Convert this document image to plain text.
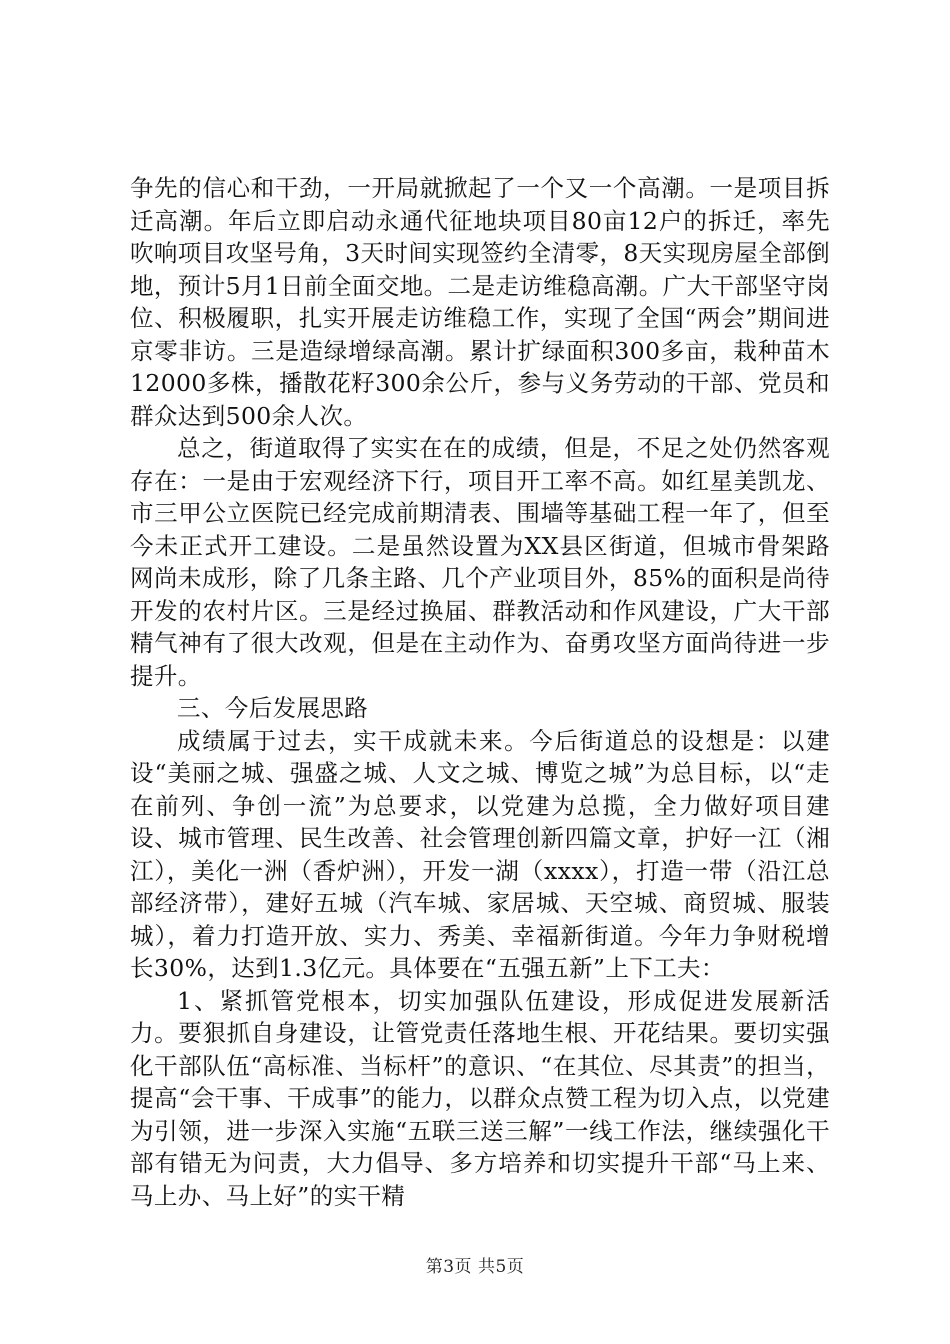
争先的信心和干劲，一开局就掀起了一个又一个高潮。一是项目拆迁高潮。年后立即启动永通代征地块项目80亩12户的拆迁，率先吹响项目攻坚号角，3天时间实现签约全清零，8天实现房屋全部倒地，预计5月1日前全面交地。二是走访维稳高潮。广大干部坚守岗位、积极履职，扎实开展走访维稳工作，实现了全国“两会”期间进京零非访。三是造绿增绿高潮。累计扩绿面积300多亩，栽种苗木12000多株，播散花籽300余公斤，参与义务劳动的干部、党员和群众达到500余人次。

总之，街道取得了实实在在的成绩，但是，不足之处仍然客观存在：一是由于宏观经济下行，项目开工率不高。如红星美凯龙、市三甲公立医院已经完成前期清表、围墙等基础工程一年了，但至今未正式开工建设。二是虽然设置为XX县区街道，但城市骨架路网尚未成形，除了几条主路、几个产业项目外，85%的面积是尚待开发的农村片区。三是经过换届、群教活动和作风建设，广大干部精气神有了很大改观，但是在主动作为、奋勇攻坚方面尚待进一步提升。

三、今后发展思路

成绩属于过去，实干成就未来。今后街道总的设想是：以建设“美丽之城、强盛之城、人文之城、博览之城”为总目标，以“走在前列、争创一流”为总要求，以党建为总揽，全力做好项目建设、城市管理、民生改善、社会管理创新四篇文章，护好一江（湘江），美化一洲（香炉洲），开发一湖（xxxx），打造一带（沿江总部经济带），建好五城（汽车城、家居城、天空城、商贸城、服装城），着力打造开放、实力、秀美、幸福新街道。今年力争财税增长30%，达到1.3亿元。具体要在“五强五新”上下工夫：

1、紧抓管党根本，切实加强队伍建设，形成促进发展新活力。要狠抓自身建设，让管党责任落地生根、开花结果。要切实强化干部队伍“高标准、当标杆”的意识、“在其位、尽其责”的担当，提高“会干事、干成事”的能力，以群众点赞工程为切入点，以党建为引领，进一步深入实施“五联三送三解”一线工作法，继续强化干部有错无为问责，大力倡导、多方培养和切实提升干部“马上来、马上办、马上好”的实干精

第3页 共5页
